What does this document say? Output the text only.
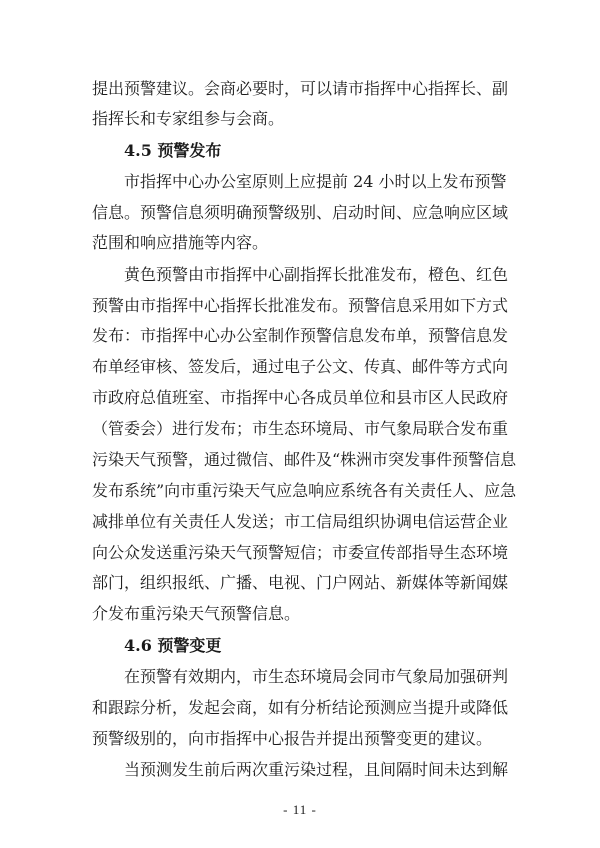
提出预警建议。会商必要时，可以请市指挥中心指挥长、副
指挥长和专家组参与会商。
4.5 预警发布
市指挥中心办公室原则上应提前 24 小时以上发布预警
信息。预警信息须明确预警级别、启动时间、应急响应区域
范围和响应措施等内容。
黄色预警由市指挥中心副指挥长批准发布，橙色、红色
预警由市指挥中心指挥长批准发布。预警信息采用如下方式
发布：市指挥中心办公室制作预警信息发布单，预警信息发
布单经审核、签发后，通过电子公文、传真、邮件等方式向
市政府总值班室、市指挥中心各成员单位和县市区人民政府
（管委会）进行发布；市生态环境局、市气象局联合发布重
污染天气预警，通过微信、邮件及“株洲市突发事件预警信息
发布系统”向市重污染天气应急响应系统各有关责任人、应急
减排单位有关责任人发送；市工信局组织协调电信运营企业
向公众发送重污染天气预警短信；市委宣传部指导生态环境
部门，组织报纸、广播、电视、门户网站、新媒体等新闻媒
介发布重污染天气预警信息。
4.6 预警变更
在预警有效期内，市生态环境局会同市气象局加强研判
和跟踪分析，发起会商，如有分析结论预测应当提升或降低
预警级别的，向市指挥中心报告并提出预警变更的建议。
当预测发生前后两次重污染过程，且间隔时间未达到解
- 11 -
